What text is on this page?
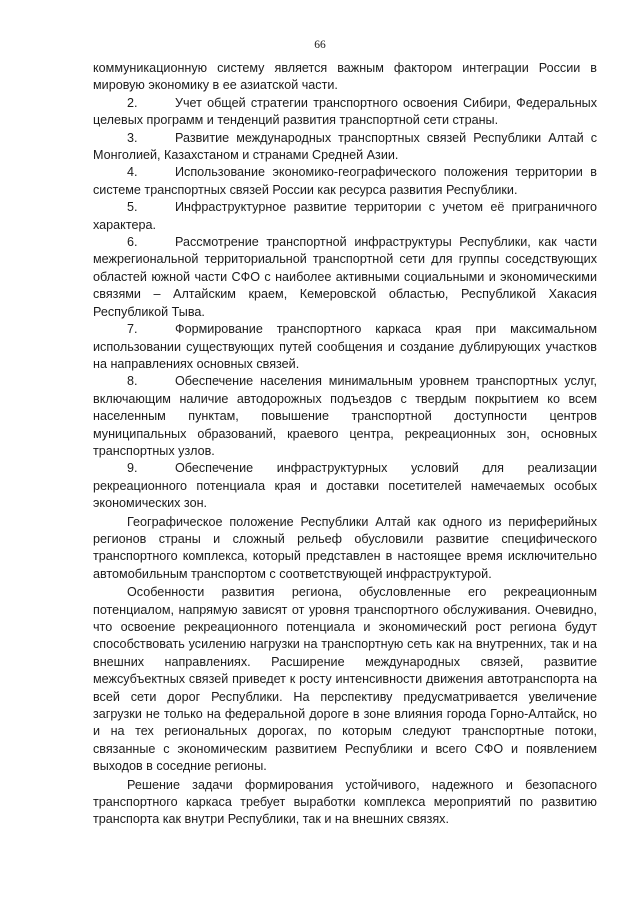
66

коммуникационную систему является важным фактором интеграции России в мировую экономику в ее азиатской части.

2.	Учет общей стратегии транспортного освоения Сибири, Федеральных целевых программ и тенденций развития транспортной сети страны.

3.	Развитие международных транспортных связей Республики Алтай с Монголией, Казахстаном и странами Средней Азии.

4.	Использование экономико-географического положения территории в системе транспортных связей России как ресурса развития Республики.

5.	Инфраструктурное развитие территории с учетом её приграничного характера.

6.	Рассмотрение транспортной инфраструктуры Республики, как части межрегиональной территориальной транспортной сети для группы соседствующих областей южной части СФО с наиболее активными социальными и экономическими связями – Алтайским краем, Кемеровской областью, Республикой Хакасия Республикой Тыва.

7.	Формирование транспортного каркаса края при максимальном использовании существующих путей сообщения и создание дублирующих участков на направлениях основных связей.

8.	Обеспечение населения минимальным уровнем транспортных услуг, включающим наличие автодорожных подъездов с твердым покрытием ко всем населенным пунктам, повышение транспортной доступности центров муниципальных образований, краевого центра, рекреационных зон, основных транспортных узлов.

9.	Обеспечение инфраструктурных условий для реализации рекреационного потенциала края и доставки посетителей намечаемых особых экономических зон.

Географическое положение Республики Алтай как одного из периферийных регионов страны и сложный рельеф обусловили развитие специфического транспортного комплекса, который представлен в настоящее время исключительно автомобильным транспортом с соответствующей инфраструктурой.

Особенности развития региона, обусловленные его рекреационным потенциалом, напрямую зависят от уровня транспортного обслуживания. Очевидно, что освоение рекреационного потенциала и экономический рост региона будут способствовать усилению нагрузки на транспортную сеть как на внутренних, так и на внешних направлениях. Расширение международных связей, развитие межсубъектных связей приведет к росту интенсивности движения автотранспорта на всей сети дорог Республики. На перспективу предусматривается увеличение загрузки не только на федеральной дороге в зоне влияния города Горно-Алтайск, но и на тех региональных дорогах, по которым следуют транспортные потоки, связанные с экономическим развитием Республики и всего СФО и появлением выходов в соседние регионы.

Решение задачи формирования устойчивого, надежного и безопасного транспортного каркаса требует выработки комплекса мероприятий по развитию транспорта как внутри Республики, так и на внешних связях.
